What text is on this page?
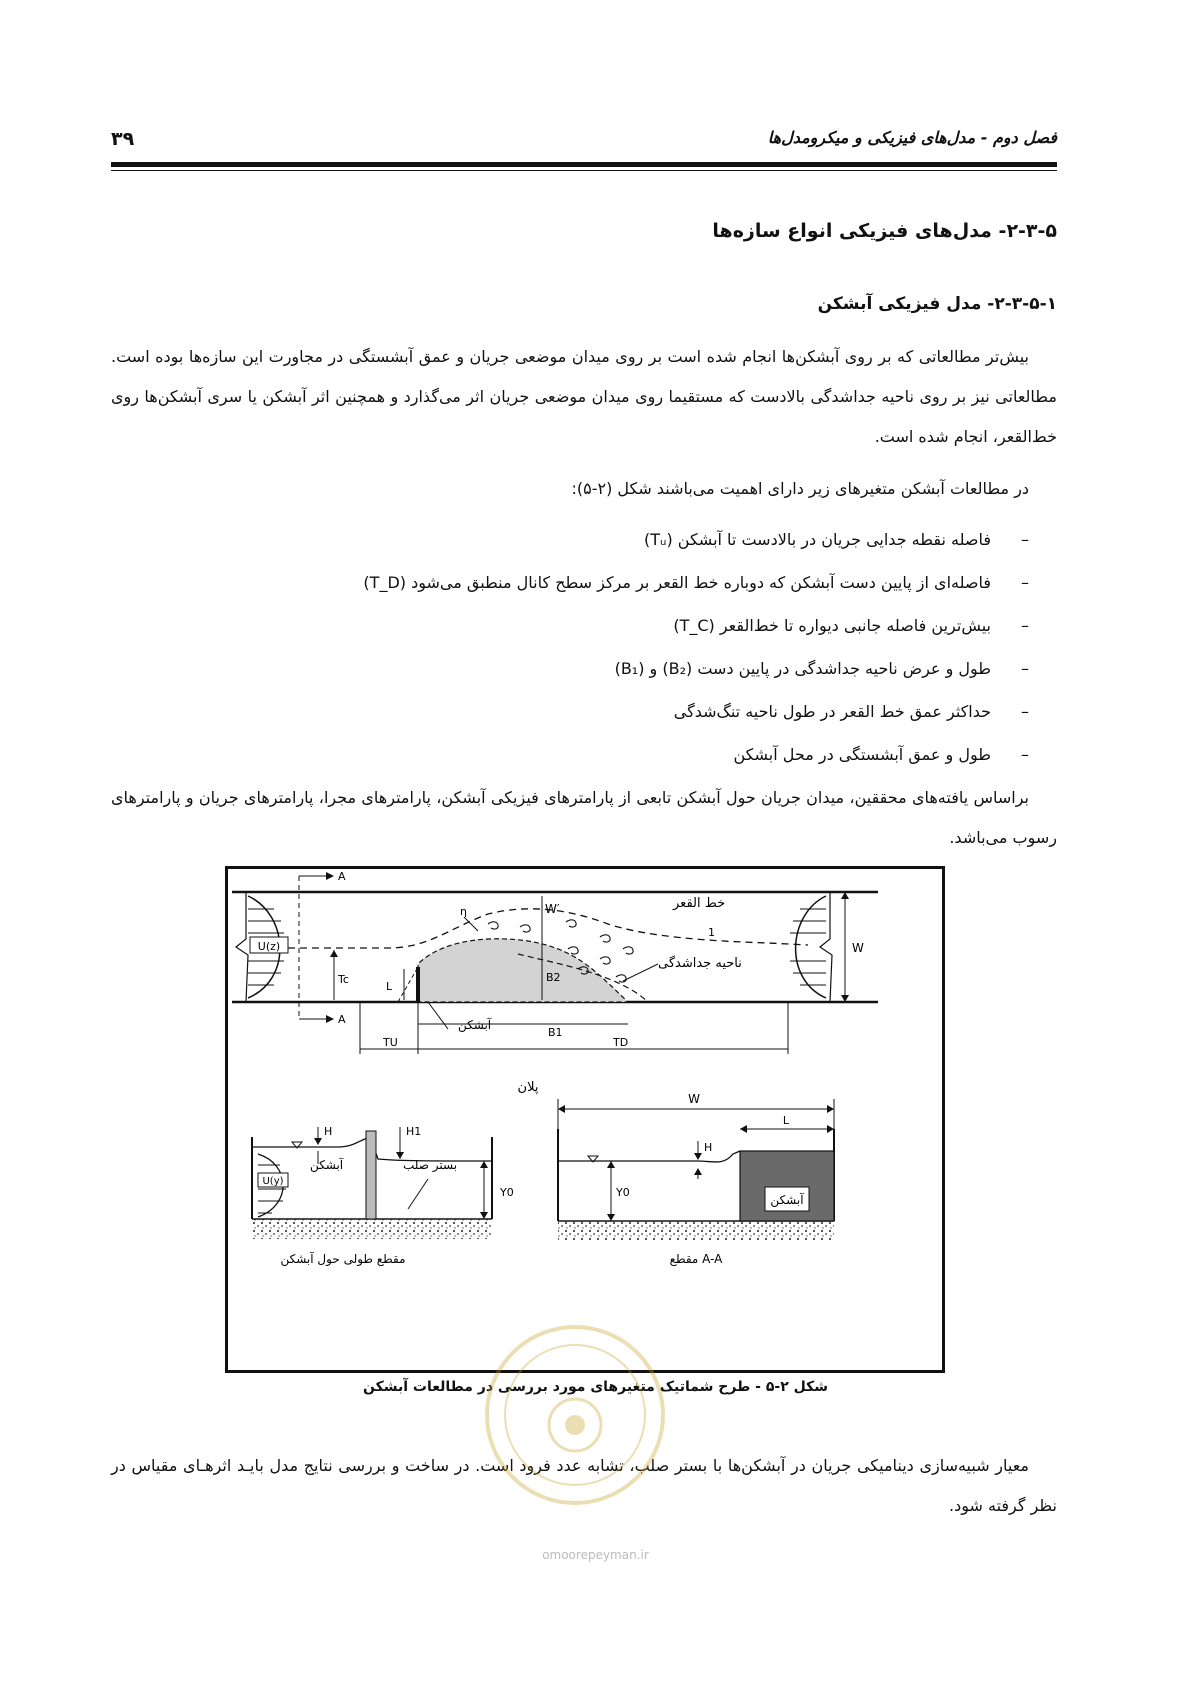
فصل دوم - مدل‌های فیزیکی و میکرومدل‌ها
۳۹
۲-۳-۵- مدل‌های فیزیکی انواع سازه‌ها
۲-۳-۵-۱- مدل فیزیکی آبشکن
بیش‌تر مطالعاتی که بر روی آبشکن‌ها انجام شده است بر روی میدان موضعی جریان و عمق آبشستگی در مجاورت این سازه‌ها بوده است. مطالعاتی نیز بر روی ناحیه جداشدگی بالادست که مستقیما روی میدان موضعی جریان اثر می‌گذارد و همچنین اثر آبشکن یا سری آبشکن‌ها روی خط‌القعر، انجام شده است.
در مطالعات آبشکن متغیرهای زیر دارای اهمیت می‌باشند شکل (۲-۵):
–فاصله نقطه جدایی جریان در بالادست تا آبشکن (Tᵤ)
–فاصله‌ای از پایین دست آبشکن که دوباره خط القعر بر مرکز سطح کانال منطبق می‌شود (T_D)
–بیش‌ترین فاصله جانبی دیواره تا خط‌القعر (T_C)
–طول و عرض ناحیه جداشدگی در پایین دست (B₂) و (B₁)
–حداکثر عمق خط القعر در طول ناحیه تنگ‌شدگی
–طول و عمق آبشستگی در محل آبشکن
براساس یافته‌های محققین، میدان جریان حول آبشکن تابعی از پارامترهای فیزیکی آبشکن، پارامترهای مجرا، پارامترهای جریان و پارامترهای رسوب می‌باشد.
U(z)
A
A
خط القعر
1
ناحیه جداشدگی
η
L
آبشکن
W′
Tc	B2
W
B1
TU	TD
پلان
U(y)
H	H1
Y0
آبشکن	بستر صلب
مقطع طولی حول آبشکن
W
L
آبشکن
H
Y0
مقطع A-A
شکل ۲-۵ - طرح شماتیک متغیرهای مورد بررسی در مطالعات آبشکن
معیار شبیه‌سازی دینامیکی جریان در آبشکن‌ها با بستر صلب، تشابه عدد فرود است. در ساخت و بررسی نتایج مدل بایـد اثرهـای مقیاس در نظر گرفته شود.
omoorepeyman.ir
